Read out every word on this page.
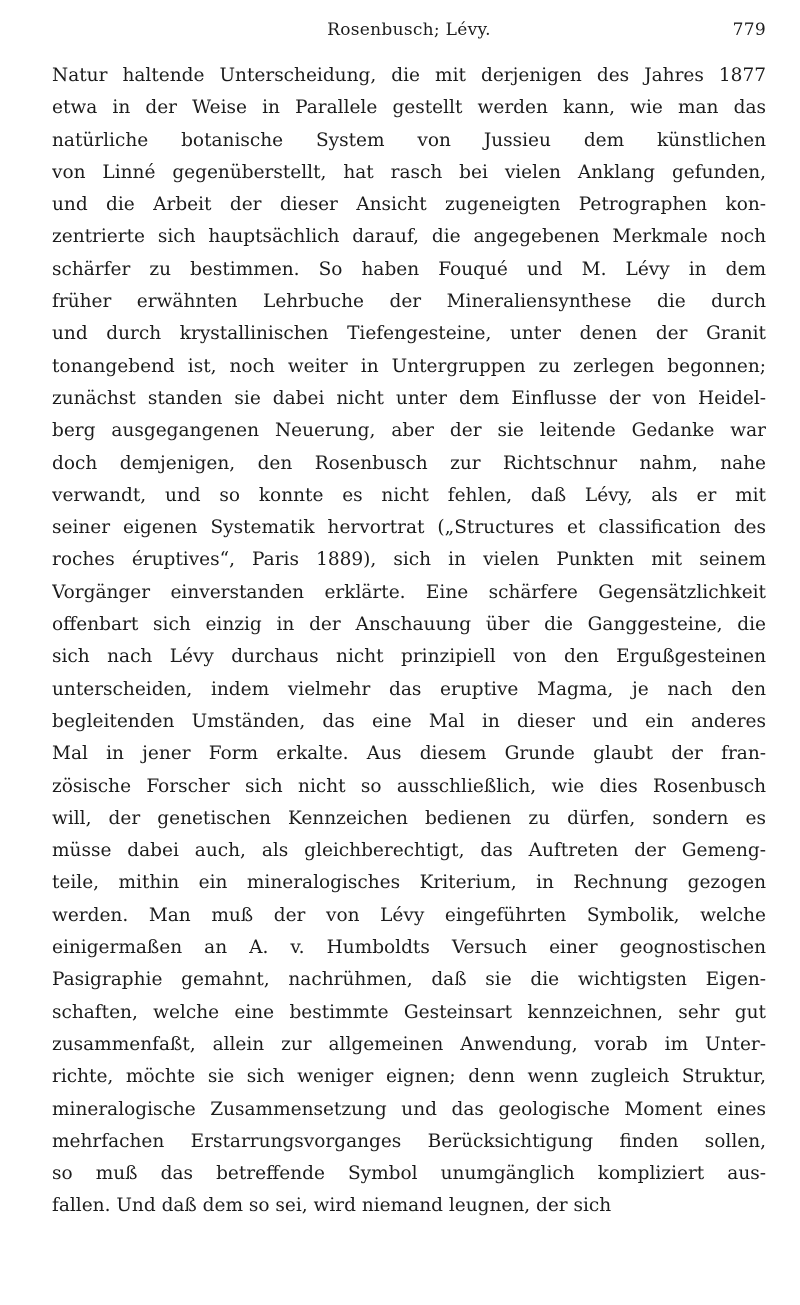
Rosenbusch; Lévy.	779
Natur haltende Unterscheidung, die mit derjenigen des Jahres 1877
etwa in der Weise in Parallele gestellt werden kann, wie man das
natürliche botanische System von Jussieu dem künstlichen
von Linné gegenüberstellt, hat rasch bei vielen Anklang gefunden,
und die Arbeit der dieser Ansicht zugeneigten Petrographen kon-
zentrierte sich hauptsächlich darauf, die angegebenen Merkmale noch
schärfer zu bestimmen. So haben Fouqué und M. Lévy in dem
früher erwähnten Lehrbuche der Mineraliensynthese die durch
und durch krystallinischen Tiefengesteine, unter denen der Granit
tonangebend ist, noch weiter in Untergruppen zu zerlegen begonnen;
zunächst standen sie dabei nicht unter dem Einflusse der von Heidel-
berg ausgegangenen Neuerung, aber der sie leitende Gedanke war
doch demjenigen, den Rosenbusch zur Richtschnur nahm, nahe
verwandt, und so konnte es nicht fehlen, daß Lévy, als er mit
seiner eigenen Systematik hervortrat („Structures et classification des
roches éruptives“, Paris 1889), sich in vielen Punkten mit seinem
Vorgänger einverstanden erklärte. Eine schärfere Gegensätzlichkeit
offenbart sich einzig in der Anschauung über die Ganggesteine, die
sich nach Lévy durchaus nicht prinzipiell von den Ergußgesteinen
unterscheiden, indem vielmehr das eruptive Magma, je nach den
begleitenden Umständen, das eine Mal in dieser und ein anderes
Mal in jener Form erkalte. Aus diesem Grunde glaubt der fran-
zösische Forscher sich nicht so ausschließlich, wie dies Rosenbusch
will, der genetischen Kennzeichen bedienen zu dürfen, sondern es
müsse dabei auch, als gleichberechtigt, das Auftreten der Gemeng-
teile, mithin ein mineralogisches Kriterium, in Rechnung gezogen
werden. Man muß der von Lévy eingeführten Symbolik, welche
einigermaßen an A. v. Humboldts Versuch einer geognostischen
Pasigraphie gemahnt, nachrühmen, daß sie die wichtigsten Eigen-
schaften, welche eine bestimmte Gesteinsart kennzeichnen, sehr gut
zusammenfaßt, allein zur allgemeinen Anwendung, vorab im Unter-
richte, möchte sie sich weniger eignen; denn wenn zugleich Struktur,
mineralogische Zusammensetzung und das geologische Moment eines
mehrfachen Erstarrungsvorganges Berücksichtigung finden sollen,
so muß das betreffende Symbol unumgänglich kompliziert aus-
fallen. Und daß dem so sei, wird niemand leugnen, der sich
